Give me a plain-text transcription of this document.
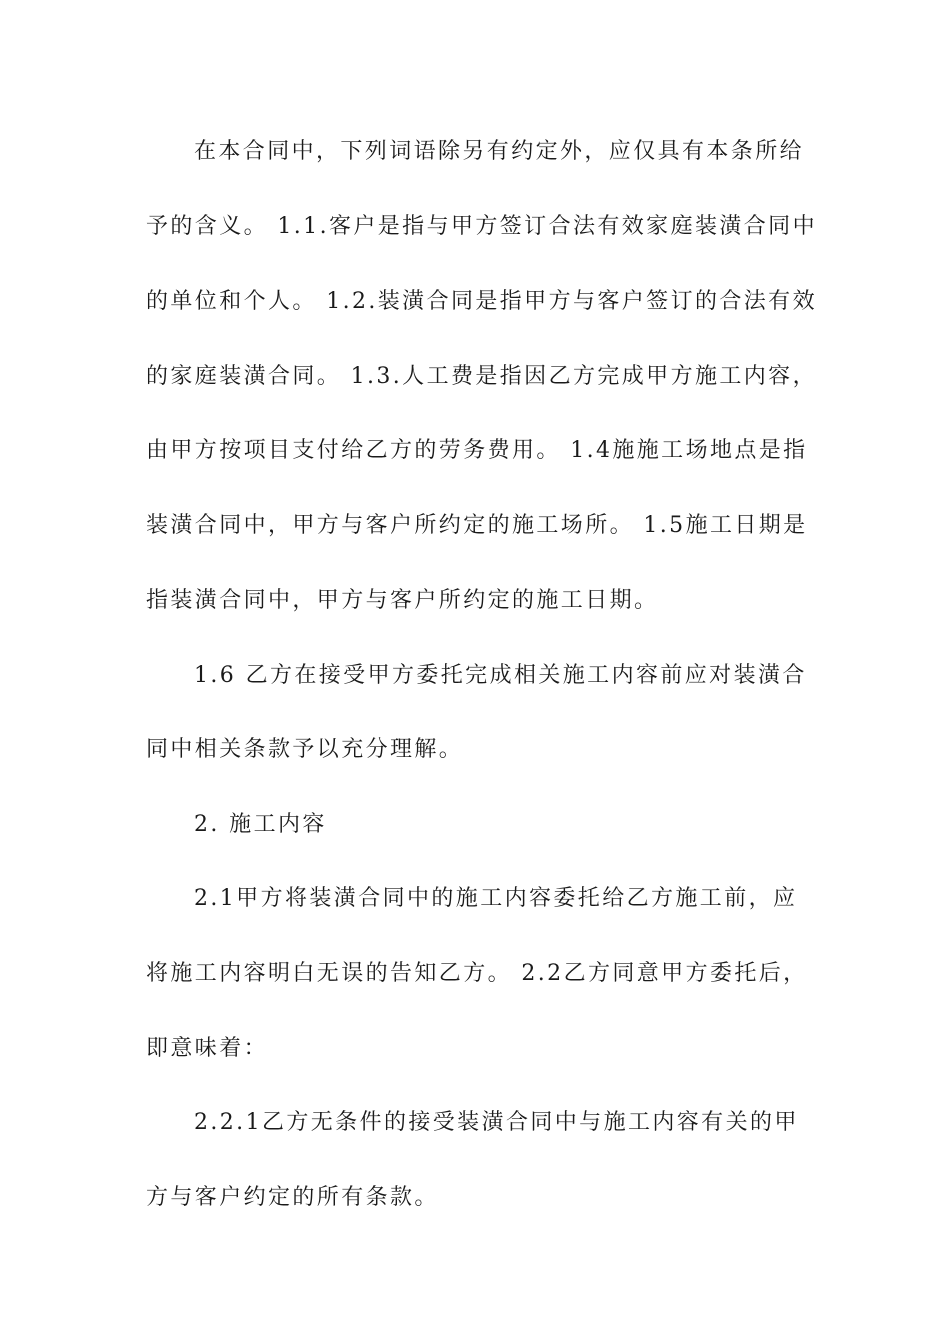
在本合同中，下列词语除另有约定外，应仅具有本条所给
予的含义。 1.1.客户是指与甲方签订合法有效家庭装潢合同中
的单位和个人。 1.2.装潢合同是指甲方与客户签订的合法有效
的家庭装潢合同。 1.3.人工费是指因乙方完成甲方施工内容，
由甲方按项目支付给乙方的劳务费用。 1.4施施工场地点是指
装潢合同中，甲方与客户所约定的施工场所。 1.5施工日期是
指装潢合同中，甲方与客户所约定的施工日期。
1.6 乙方在接受甲方委托完成相关施工内容前应对装潢合
同中相关条款予以充分理解。
2. 施工内容
2.1甲方将装潢合同中的施工内容委托给乙方施工前，应
将施工内容明白无误的告知乙方。 2.2乙方同意甲方委托后，
即意味着：
2.2.1乙方无条件的接受装潢合同中与施工内容有关的甲
方与客户约定的所有条款。
